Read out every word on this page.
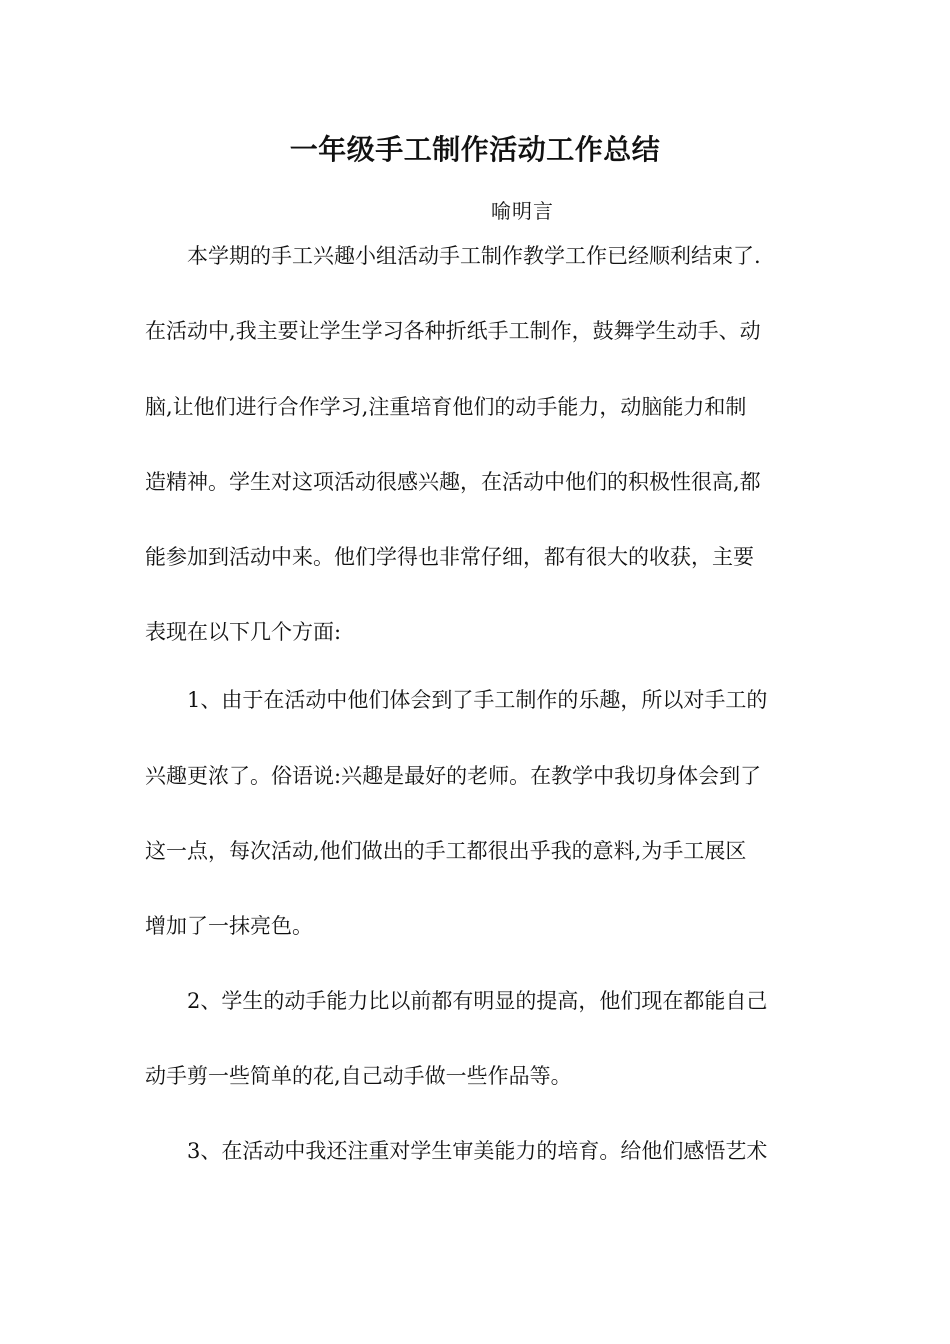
一年级手工制作活动工作总结

喻明言

本学期的手工兴趣小组活动手工制作教学工作已经顺利结束了.

在活动中,我主要让学生学习各种折纸手工制作，鼓舞学生动手、动

脑,让他们进行合作学习,注重培育他们的动手能力，动脑能力和制

造精神。学生对这项活动很感兴趣，在活动中他们的积极性很高,都

能参加到活动中来。他们学得也非常仔细，都有很大的收获，主要

表现在以下几个方面:

1、由于在活动中他们体会到了手工制作的乐趣，所以对手工的

兴趣更浓了。俗语说:兴趣是最好的老师。在教学中我切身体会到了

这一点，每次活动,他们做出的手工都很出乎我的意料,为手工展区

增加了一抹亮色。

2、学生的动手能力比以前都有明显的提高，他们现在都能自己

动手剪一些简单的花,自己动手做一些作品等。

3、在活动中我还注重对学生审美能力的培育。给他们感悟艺术
